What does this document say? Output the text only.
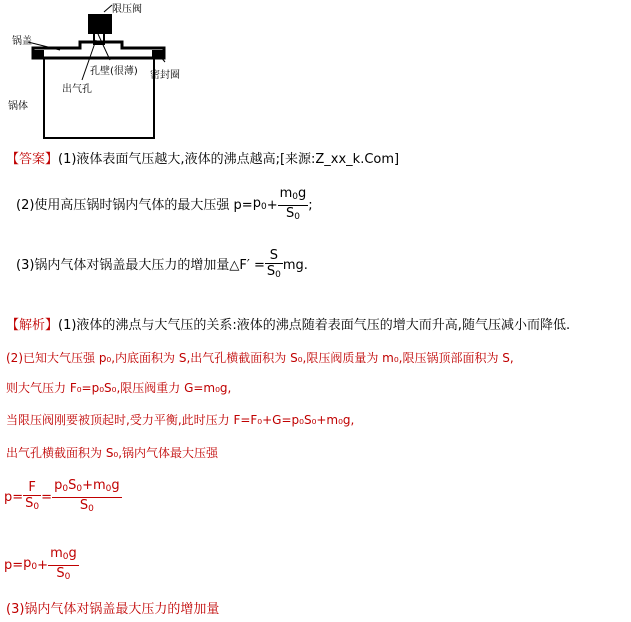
锅盖
限压阀
孔壁(很薄)
出气孔
密封圈
锅体
【答案】(1)液体表面气压越大,液体的沸点越高;[来源:Z_xx_k.Com]
(2)使用高压锅时锅内气体的最大压强 $p= p_0 + \frac{m_0g}{S_0}$ ;
(3)锅内气体对锅盖最大压力的增加量△F′ = $\frac{S}{S_0}$ mg.
【解析】(1)液体的沸点与大气压的关系:液体的沸点随着表面气压的增大而升高,随气压减小而降低.
(2)已知大气压强 p₀,内底面积为 S,出气孔横截面积为 S₀,限压阀质量为 m₀,限压锅顶部面积为 S,
则大气压力 F₀=p₀S₀,限压阀重力 G=m₀g,
当限压阀刚要被顶起时,受力平衡,此时压力 F=F₀+G=p₀S₀+m₀g,
出气孔横截面积为 S₀,锅内气体最大压强
$p= \frac{F}{S_0} = \frac{p_0S_0+m_0g}{S_0}$
$p= p_0 + \frac{m_0g}{S_0}$
(3)锅内气体对锅盖最大压力的增加量
